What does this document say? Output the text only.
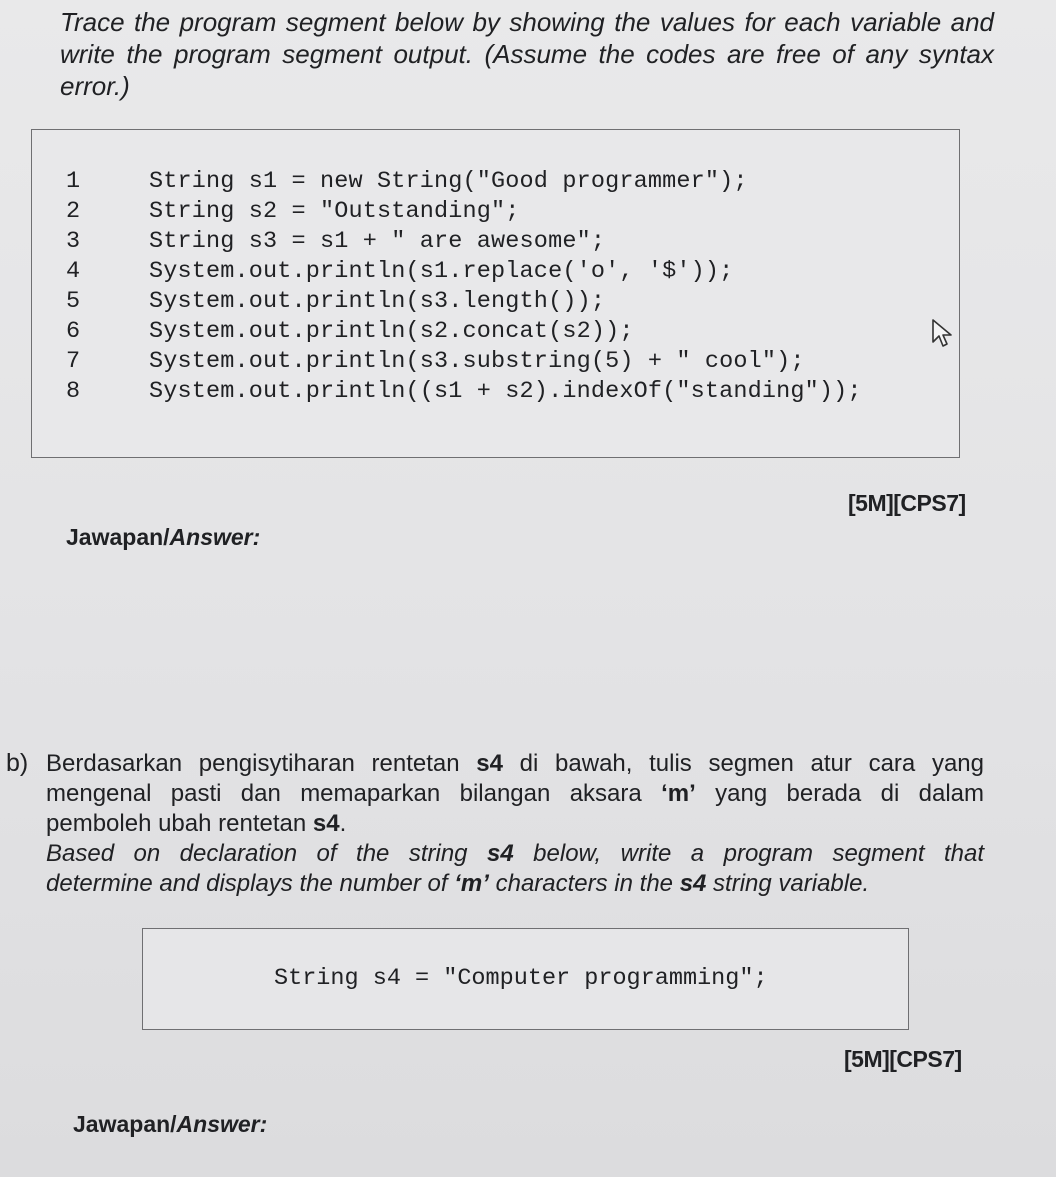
Trace the program segment below by showing the values for each variable and
write the program segment output. (Assume the codes are free of any syntax
error.)
1	String s1 = new String("Good programmer");
2	String s2 = "Outstanding";
3	String s3 = s1 + " are awesome";
4	System.out.println(s1.replace('o', '$'));
5	System.out.println(s3.length());
6	System.out.println(s2.concat(s2));
7	System.out.println(s3.substring(5) + " cool");
8	System.out.println((s1 + s2).indexOf("standing"));
[5M][CPS7]
Jawapan/Answer:
b) Berdasarkan pengisytiharan rentetan s4 di bawah, tulis segmen atur cara yang
mengenal pasti dan memaparkan bilangan aksara ‘m’ yang berada di dalam
pemboleh ubah rentetan s4.
Based on declaration of the string s4 below, write a program segment that
determine and displays the number of ‘m’ characters in the s4 string variable.
String s4 = "Computer programming";
[5M][CPS7]
Jawapan/Answer:
